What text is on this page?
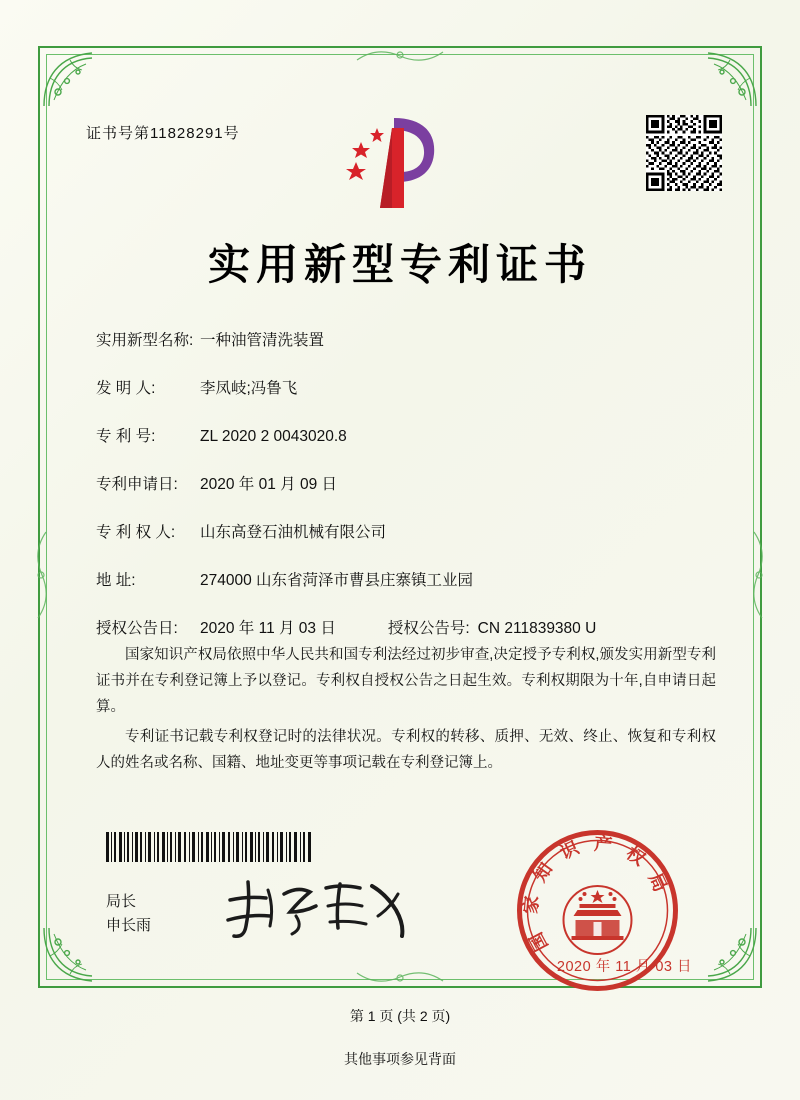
证书号第11828291号
实用新型专利证书
实用新型名称: 一种油管清洗装置
发 明 人:	李凤岐;冯鲁飞
专 利 号:	ZL 2020 2 0043020.8
专利申请日:	2020 年 01 月 09 日
专 利 权 人:	山东高登石油机械有限公司
地 址:	274000 山东省菏泽市曹县庄寨镇工业园
授权公告日:	2020 年 11 月 03 日	授权公告号: CN 211839380 U

国家知识产权局依照中华人民共和国专利法经过初步审查,决定授予专利权,颁发实用新型专利证书并在专利登记簿上予以登记。专利权自授权公告之日起生效。专利权期限为十年,自申请日起算。

专利证书记载专利权登记时的法律状况。专利权的转移、质押、无效、终止、恢复和专利权人的姓名或名称、国籍、地址变更等事项记载在专利登记簿上。

局长
申长雨
国
家
知
识 产 权
局
2020 年 11 月 03 日
第 1 页 (共 2 页)
其他事项参见背面
